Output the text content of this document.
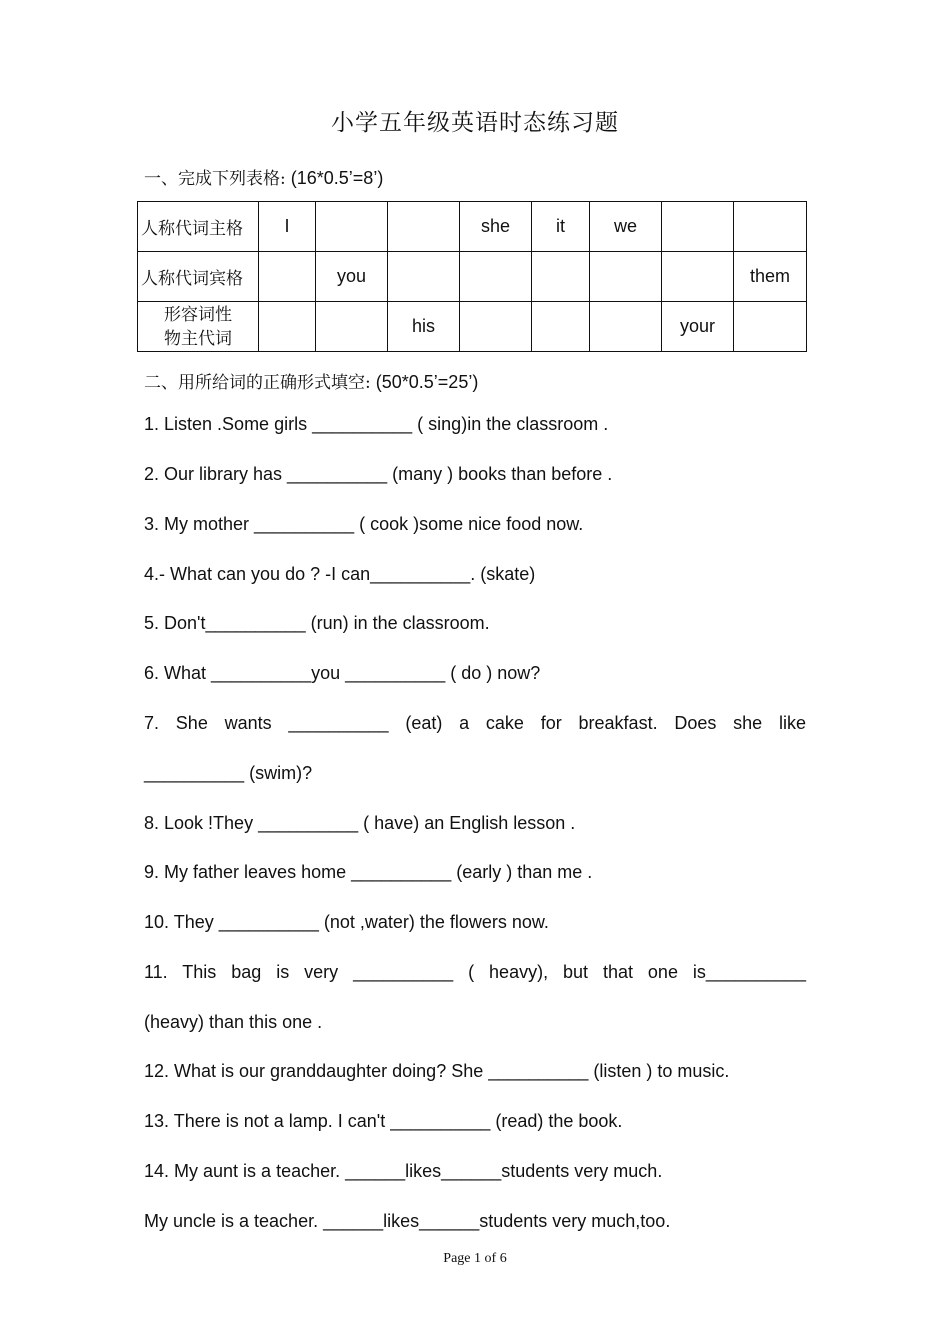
小学五年级英语时态练习题
一、完成下列表格: (16*0.5’=8’)
人称代词主格	I			she	it	we		
人称代词宾格		you						them

形容词性
物主代词			his				your	
二、用所给词的正确形式填空: (50*0.5’=25’)
1. Listen .Some girls __________ ( sing)in the classroom .
2. Our library has __________ (many ) books than before .
3. My mother __________ ( cook )some nice food now.
4.- What can you do ? -I can__________. (skate)
5. Don't__________ (run) in the classroom.
6. What __________you __________ ( do ) now?
7. She wants __________ (eat) a cake for breakfast. Does she like
__________ (swim)?
8. Look !They __________ ( have) an English lesson .
9. My father leaves home __________ (early ) than me .
10. They __________ (not ,water) the flowers now.
11. This bag is very __________ ( heavy), but that one is__________
(heavy) than this one .
12. What is our granddaughter doing? She __________ (listen ) to music.
13. There is not a lamp. I can't __________ (read) the book.
14. My aunt is a teacher. ______likes______students very much.
My uncle is a teacher. ______likes______students very much,too.
Page 1 of 6
